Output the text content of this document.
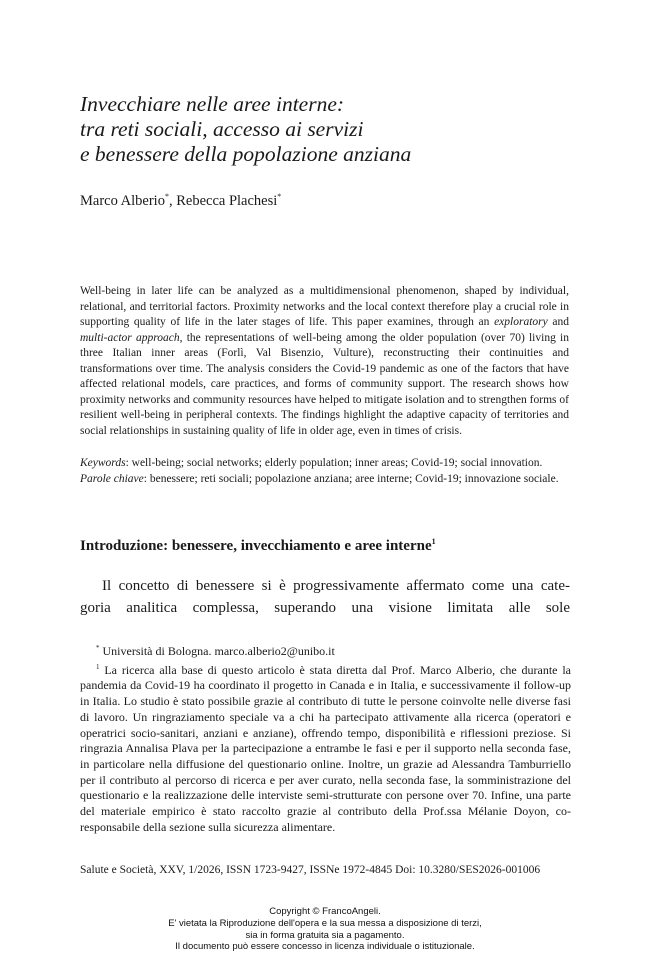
Invecchiare nelle aree interne:

tra reti sociali, accesso ai servizi

e benessere della popolazione anziana

Marco Alberio*, Rebecca Plachesi*

Well-being in later life can be analyzed as a multidimensional phenomenon, shaped by individual, relational, and territorial factors. Proximity networks and the local context therefore play a crucial role in supporting quality of life in the later stages of life. This paper examines, through an exploratory and multi-actor approach, the representations of well-being among the older population (over 70) living in three Italian inner areas (Forlì, Val Bisenzio, Vulture), reconstructing their continuities and transformations over time. The analysis considers the Covid-19 pandemic as one of the factors that have affected relational models, care practices, and forms of community support. The research shows how proximity networks and community resources have helped to mitigate isolation and to strengthen forms of resilient well-being in peripheral contexts. The findings highlight the adaptive capacity of territories and social relationships in sustaining quality of life in older age, even in times of crisis.

Keywords: well-being; social networks; elderly population; inner areas; Covid-19; social innovation.

Parole chiave: benessere; reti sociali; popolazione anziana; aree interne; Covid-19; innovazione sociale.

Introduzione: benessere, invecchiamento e aree interne$^1$
Il concetto di benessere si è progressivamente affermato come una cate-
goria analitica complessa, superando una visione limitata alle sole

* Università di Bologna. marco.alberio2@unibo.it

$^1$ La ricerca alla base di questo articolo è stata diretta dal Prof. Marco Alberio, che durante la pandemia da Covid-19 ha coordinato il progetto in Canada e in Italia, e successivamente il follow-up in Italia. Lo studio è stato possibile grazie al contributo di tutte le persone coinvolte nelle diverse fasi di lavoro. Un ringraziamento speciale va a chi ha partecipato attivamente alla ricerca (operatori e operatrici socio-sanitari, anziani e anziane), offrendo tempo, disponibilità e riflessioni preziose. Si ringrazia Annalisa Plava per la partecipazione a entrambe le fasi e per il supporto nella seconda fase, in particolare nella diffusione del questionario online. Inoltre, un grazie ad Alessandra Tamburriello per il contributo al percorso di ricerca e per aver curato, nella seconda fase, la somministrazione del questionario e la realizzazione delle interviste semi-strutturate con persone over 70. Infine, una parte del materiale empirico è stato raccolto grazie al contributo della Prof.ssa Mélanie Doyon, co-responsabile della sezione sulla sicurezza alimentare.

Salute e Società, XXV, 1/2026, ISSN 1723-9427, ISSNe 1972-4845 Doi: 10.3280/SES2026-001006
Copyright © FrancoAngeli.
E' vietata la Riproduzione dell'opera e la sua messa a disposizione di terzi,
sia in forma gratuita sia a pagamento.
Il documento può essere concesso in licenza individuale o istituzionale.
